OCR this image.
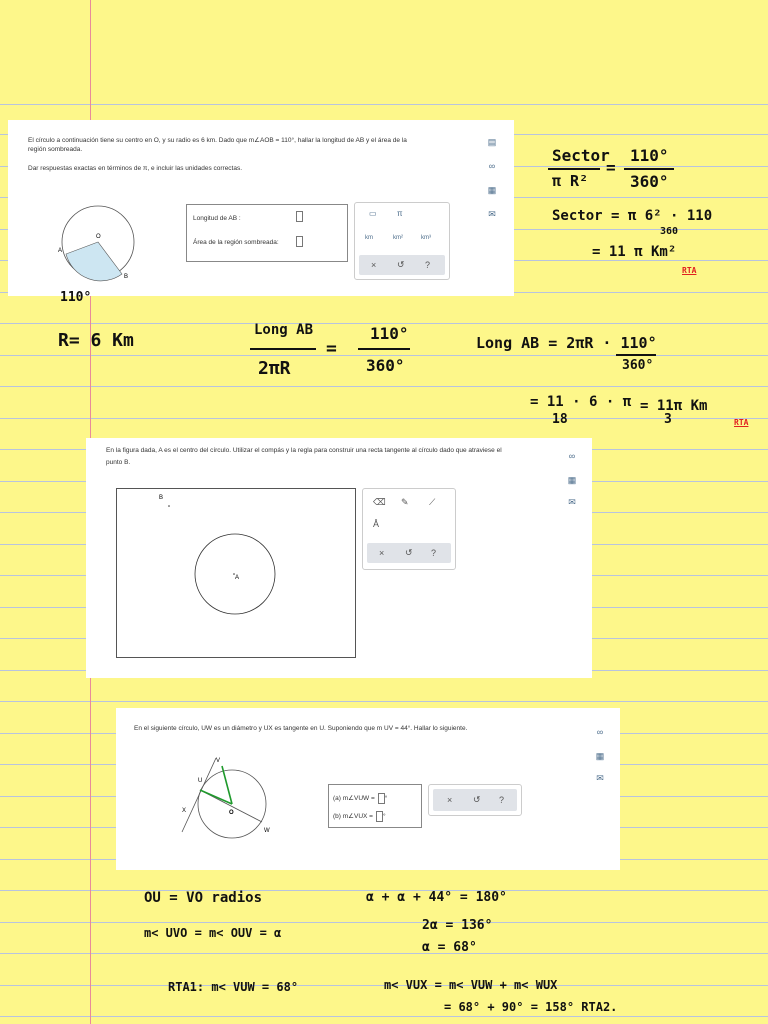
El círculo a continuación tiene su centro en O, y su radio es 6 km. Dado que m∠AOB = 110°, hallar la longitud de AB y el área de la
región sombreada.
Dar respuestas exactas en términos de π, e incluir las unidades correctas.
A
O
B
Longitud de AB :
Área de la región sombreada:
▭	π
km	km²	km³
× ↺ ?
▤
∞
▦
✉
En la figura dada, A es el centro del círculo. Utilizar el compás y la regla para construir una recta tangente al círculo dado que atraviese el
punto B.
B
A
⌫ ✎ ⟋
Å
× ↺ ?
∞
▦
✉
En el siguiente círculo, UW es un diámetro y UX es tangente en U. Suponiendo que m UV = 44°. Hallar lo siguiente.
V
U
X	O
W
(a) m∠VUW = °
(b) m∠VUX = °
× ↺ ?
∞
▦
✉
Sector
π R²
=
110°
360°
Sector = π 6² · 110
360
= 11 π Km²
RTA
110°
R= 6 Km	Long AB
2πR
=
110°
360°
Long AB = 2πR · 110°
360°
= 11 · 6 · π
18
= 11π Km
3	RTA
OU = VO radios
m< UVO = m< OUV = α
α + α + 44° = 180°
2α = 136°
α = 68°
RTA1: m< VUW = 68°	m< VUX = m< VUW + m< WUX
= 68° + 90° = 158° RTA2.
